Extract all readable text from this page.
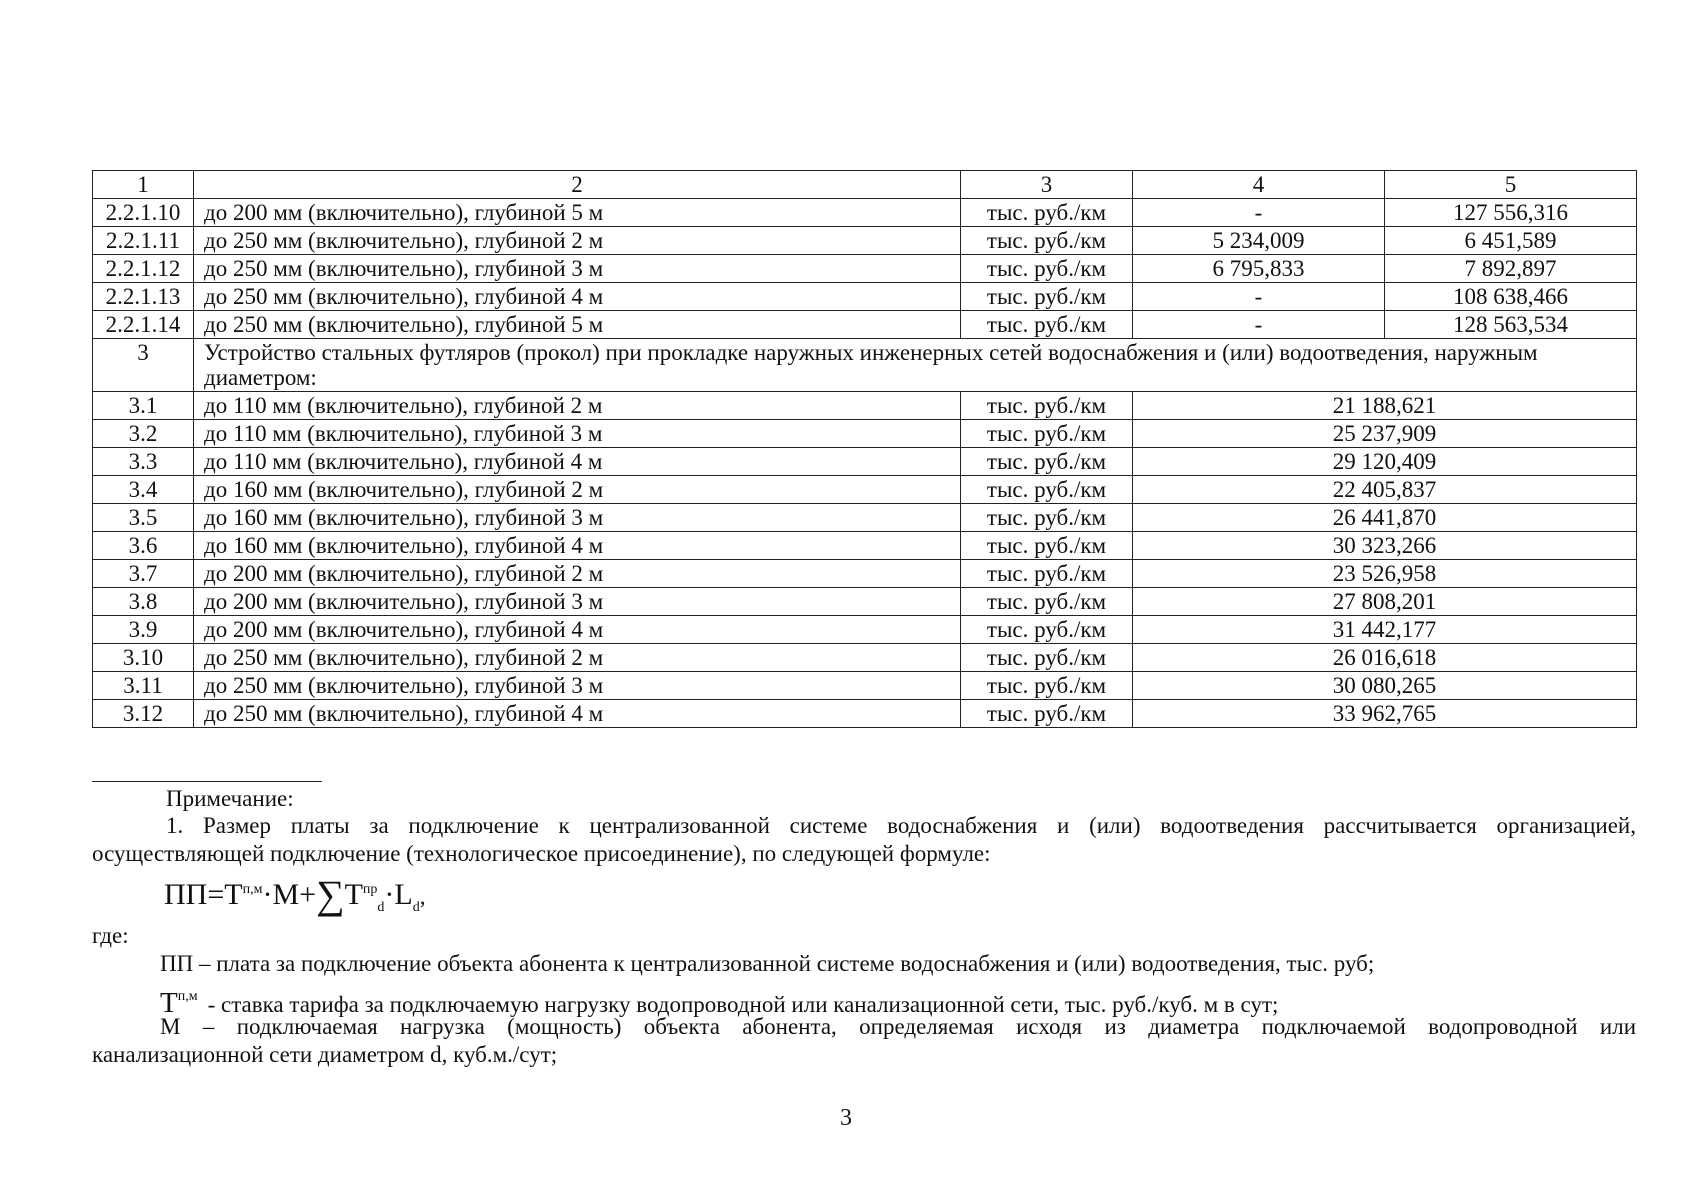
1	2	3	4	5
2.2.1.10	до 200 мм (включительно), глубиной 5 м	тыс. руб./км	-	127 556,316
2.2.1.11	до 250 мм (включительно), глубиной 2 м	тыс. руб./км	5 234,009	6 451,589
2.2.1.12	до 250 мм (включительно), глубиной 3 м	тыс. руб./км	6 795,833	7 892,897
2.2.1.13	до 250 мм (включительно), глубиной 4 м	тыс. руб./км	-	108 638,466
2.2.1.14	до 250 мм (включительно), глубиной 5 м	тыс. руб./км	-	128 563,534
3	Устройство стальных футляров (прокол) при прокладке наружных инженерных сетей водоснабжения и (или) водоотведения, наружным диаметром:			
3.1	до 110 мм (включительно), глубиной 2 м	тыс. руб./км	21 188,621	
3.2	до 110 мм (включительно), глубиной 3 м	тыс. руб./км	25 237,909	
3.3	до 110 мм (включительно), глубиной 4 м	тыс. руб./км	29 120,409	
3.4	до 160 мм (включительно), глубиной 2 м	тыс. руб./км	22 405,837	
3.5	до 160 мм (включительно), глубиной 3 м	тыс. руб./км	26 441,870	
3.6	до 160 мм (включительно), глубиной 4 м	тыс. руб./км	30 323,266	
3.7	до 200 мм (включительно), глубиной 2 м	тыс. руб./км	23 526,958	
3.8	до 200 мм (включительно), глубиной 3 м	тыс. руб./км	27 808,201	
3.9	до 200 мм (включительно), глубиной 4 м	тыс. руб./км	31 442,177	
3.10	до 250 мм (включительно), глубиной 2 м	тыс. руб./км	26 016,618	
3.11	до 250 мм (включительно), глубиной 3 м	тыс. руб./км	30 080,265	
3.12	до 250 мм (включительно), глубиной 4 м	тыс. руб./км	33 962,765	
Примечание:
1. Размер платы за подключение к централизованной системе водоснабжения и (или) водоотведения рассчитывается организацией,
осуществляющей подключение (технологическое присоединение), по следующей формуле:
$ПП=Т^{п,м}\cdot М+\sum Т^{пр}_d\cdot L_d$,
где:
ПП – плата за подключение объекта абонента к централизованной системе водоснабжения и (или) водоотведения, тыс. руб;
$Т^{п,м}$ - ставка тарифа за подключаемую нагрузку водопроводной или канализационной сети, тыс. руб./куб. м в сут;
М – подключаемая нагрузка (мощность) объекта абонента, определяемая исходя из диаметра подключаемой водопроводной или
канализационной сети диаметром d, куб.м./сут;
3
